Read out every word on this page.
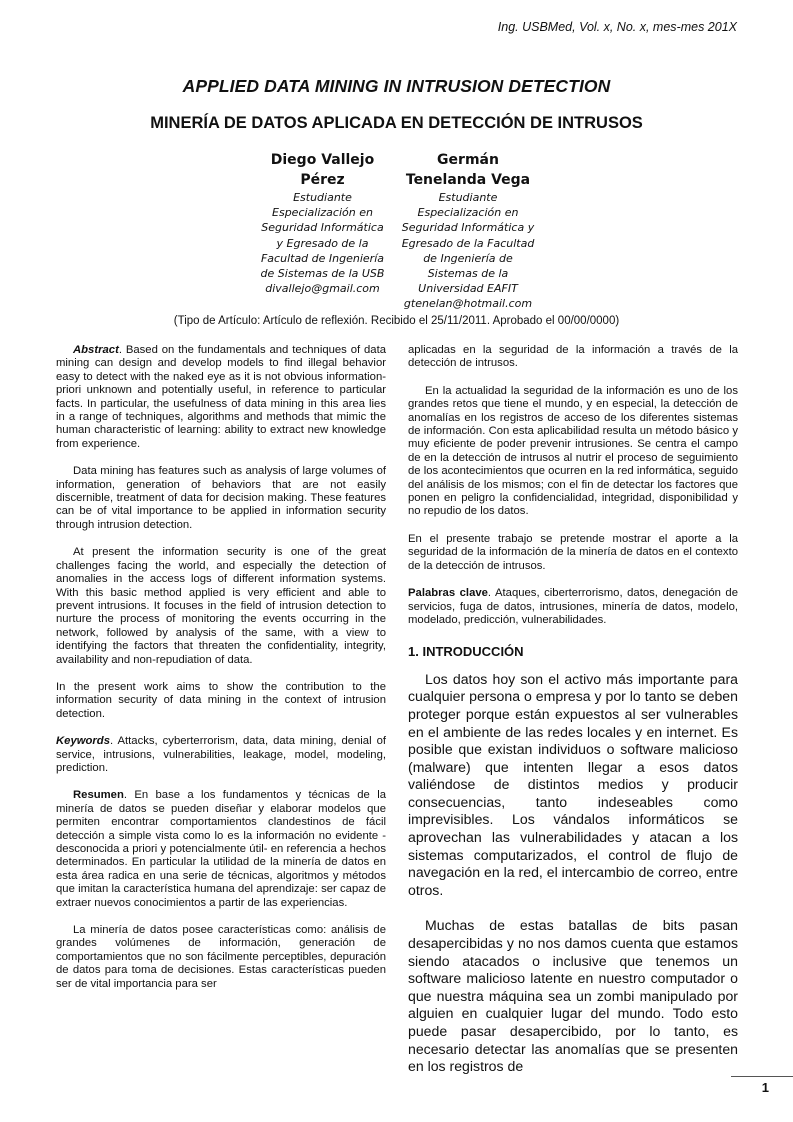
Ing. USBMed, Vol. x, No. x, mes-mes 201X
APPLIED DATA MINING IN INTRUSION DETECTION
MINERÍA DE DATOS APLICADA EN DETECCIÓN DE INTRUSOS
Diego Vallejo
Pérez
Estudiante
Especialización en
Seguridad Informática
y Egresado de la
Facultad de Ingeniería
de Sistemas de la USB
divallejo@gmail.com
Germán
Tenelanda Vega
Estudiante
Especialización en
Seguridad Informática y
Egresado de la Facultad
de Ingeniería de
Sistemas de la
Universidad EAFIT
gtenelan@hotmail.com
(Tipo de Artículo: Artículo de reflexión. Recibido el 25/11/2011. Aprobado el 00/00/0000)

Abstract. Based on the fundamentals and techniques of data mining can design and develop models to find illegal behavior easy to detect with the naked eye as it is not obvious information-priori unknown and potentially useful, in reference to particular facts. In particular, the usefulness of data mining in this area lies in a range of techniques, algorithms and methods that mimic the human characteristic of learning: ability to extract new knowledge from experience.

Data mining has features such as analysis of large volumes of information, generation of behaviors that are not easily discernible, treatment of data for decision making. These features can be of vital importance to be applied in information security through intrusion detection.

At present the information security is one of the great challenges facing the world, and especially the detection of anomalies in the access logs of different information systems. With this basic method applied is very efficient and able to prevent intrusions. It focuses in the field of intrusion detection to nurture the process of monitoring the events occurring in the network, followed by analysis of the same, with a view to identifying the factors that threaten the confidentiality, integrity, availability and non-repudiation of data.

In the present work aims to show the contribution to the information security of data mining in the context of intrusion detection.

Keywords. Attacks, cyberterrorism, data, data mining, denial of service, intrusions, vulnerabilities, leakage, model, modeling, prediction.

Resumen. En base a los fundamentos y técnicas de la minería de datos se pueden diseñar y elaborar modelos que permiten encontrar comportamientos clandestinos de fácil detección a simple vista como lo es la información no evidente -desconocida a priori y potencialmente útil- en referencia a hechos determinados. En particular la utilidad de la minería de datos en esta área radica en una serie de técnicas, algoritmos y métodos que imitan la característica humana del aprendizaje: ser capaz de extraer nuevos conocimientos a partir de las experiencias.

La minería de datos posee características como: análisis de grandes volúmenes de información, generación de comportamientos que no son fácilmente perceptibles, depuración de datos para toma de decisiones. Estas características pueden ser de vital importancia para ser

aplicadas en la seguridad de la información a través de la detección de intrusos.

En la actualidad la seguridad de la información es uno de los grandes retos que tiene el mundo, y en especial, la detección de anomalías en los registros de acceso de los diferentes sistemas de información. Con esta aplicabilidad resulta un método básico y muy eficiente de poder prevenir intrusiones. Se centra el campo de en la detección de intrusos al nutrir el proceso de seguimiento de los acontecimientos que ocurren en la red informática, seguido del análisis de los mismos; con el fin de detectar los factores que ponen en peligro la confidencialidad, integridad, disponibilidad y no repudio de los datos.

En el presente trabajo se pretende mostrar el aporte a la seguridad de la información de la minería de datos en el contexto de la detección de intrusos.

Palabras clave. Ataques, ciberterrorismo, datos, denegación de servicios, fuga de datos, intrusiones, minería de datos, modelo, modelado, predicción, vulnerabilidades.

1. INTRODUCCIÓN

Los datos hoy son el activo más importante para cualquier persona o empresa y por lo tanto se deben proteger porque están expuestos al ser vulnerables en el ambiente de las redes locales y en internet. Es posible que existan individuos o software malicioso (malware) que intenten llegar a esos datos valiéndose de distintos medios y producir consecuencias, tanto indeseables como imprevisibles. Los vándalos informáticos se aprovechan las vulnerabilidades y atacan a los sistemas computarizados, el control de flujo de navegación en la red, el intercambio de correo, entre otros.

Muchas de estas batallas de bits pasan desapercibidas y no nos damos cuenta que estamos siendo atacados o inclusive que tenemos un software malicioso latente en nuestro computador o que nuestra máquina sea un zombi manipulado por alguien en cualquier lugar del mundo. Todo esto puede pasar desapercibido, por lo tanto, es necesario detectar las anomalías que se presenten en los registros de

1
